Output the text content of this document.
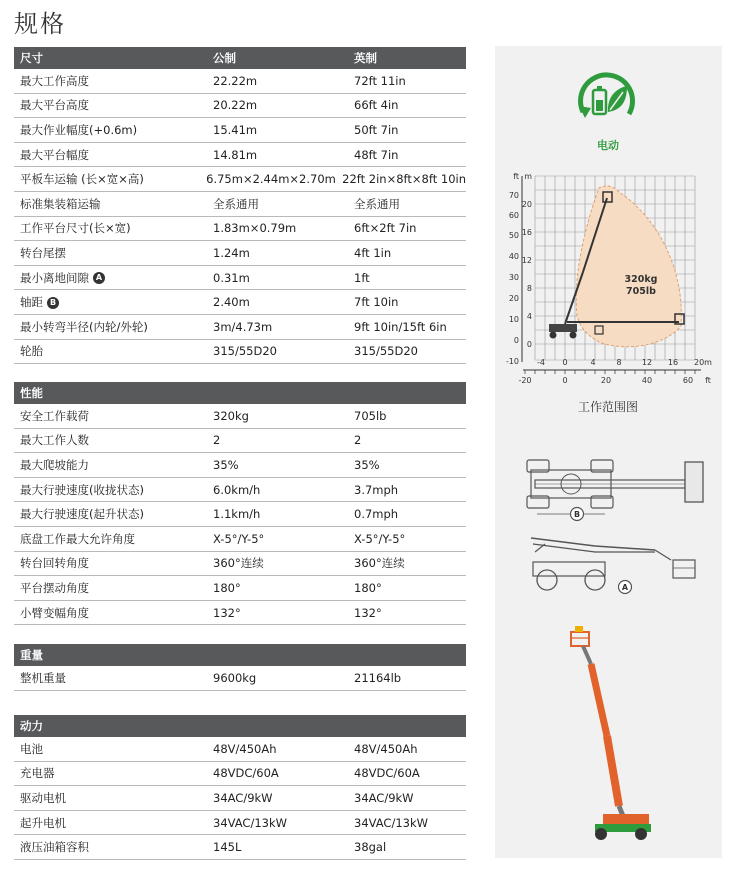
规格
尺寸	公制	英制
最大工作高度	22.22m	72ft 11in
最大平台高度	20.22m	66ft 4in
最大作业幅度(+0.6m)	15.41m	50ft 7in
最大平台幅度	14.81m	48ft 7in
平板车运输 (长×宽×高)	6.75m×2.44m×2.70m 22ft 2in×8ft×8ft 10in
标准集装箱运输	全系通用	全系通用
工作平台尺寸(长×宽)	1.83m×0.79m	6ft×2ft 7in
转台尾摆	1.24m	4ft 1in
最小离地间隙 A	0.31m	1ft
轴距 B	2.40m	7ft 10in
最小转弯半径(内轮/外轮)	3m/4.73m	9ft 10in/15ft 6in
轮胎	315/55D20	315/55D20
性能
安全工作载荷	320kg	705lb
最大工作人数	2	2
最大爬坡能力	35%	35%
最大行驶速度(收拢状态)	6.0km/h	3.7mph
最大行驶速度(起升状态)	1.1km/h	0.7mph
底盘工作最大允许角度	X-5°/Y-5°	X-5°/Y-5°
转台回转角度	360°连续	360°连续
平台摆动角度	180°	180°
小臂变幅角度	132°	132°
重量
整机重量	9600kg	21164lb
动力
电池	48V/450Ah	48V/450Ah
充电器	48VDC/60A	48VDC/60A
驱动电机	34AC/9kW	34AC/9kW
起升电机	34VAC/13kW	34VAC/13kW
液压油箱容积	145L	38gal
电动
ft
70
60
50
40
30
20
10
0
-10
m
20
16
12
8
4
0
-4 0	4	8	12 16 20m
-20	0	20	40	60 ft
320kg
705lb
工作范围图
B
A
